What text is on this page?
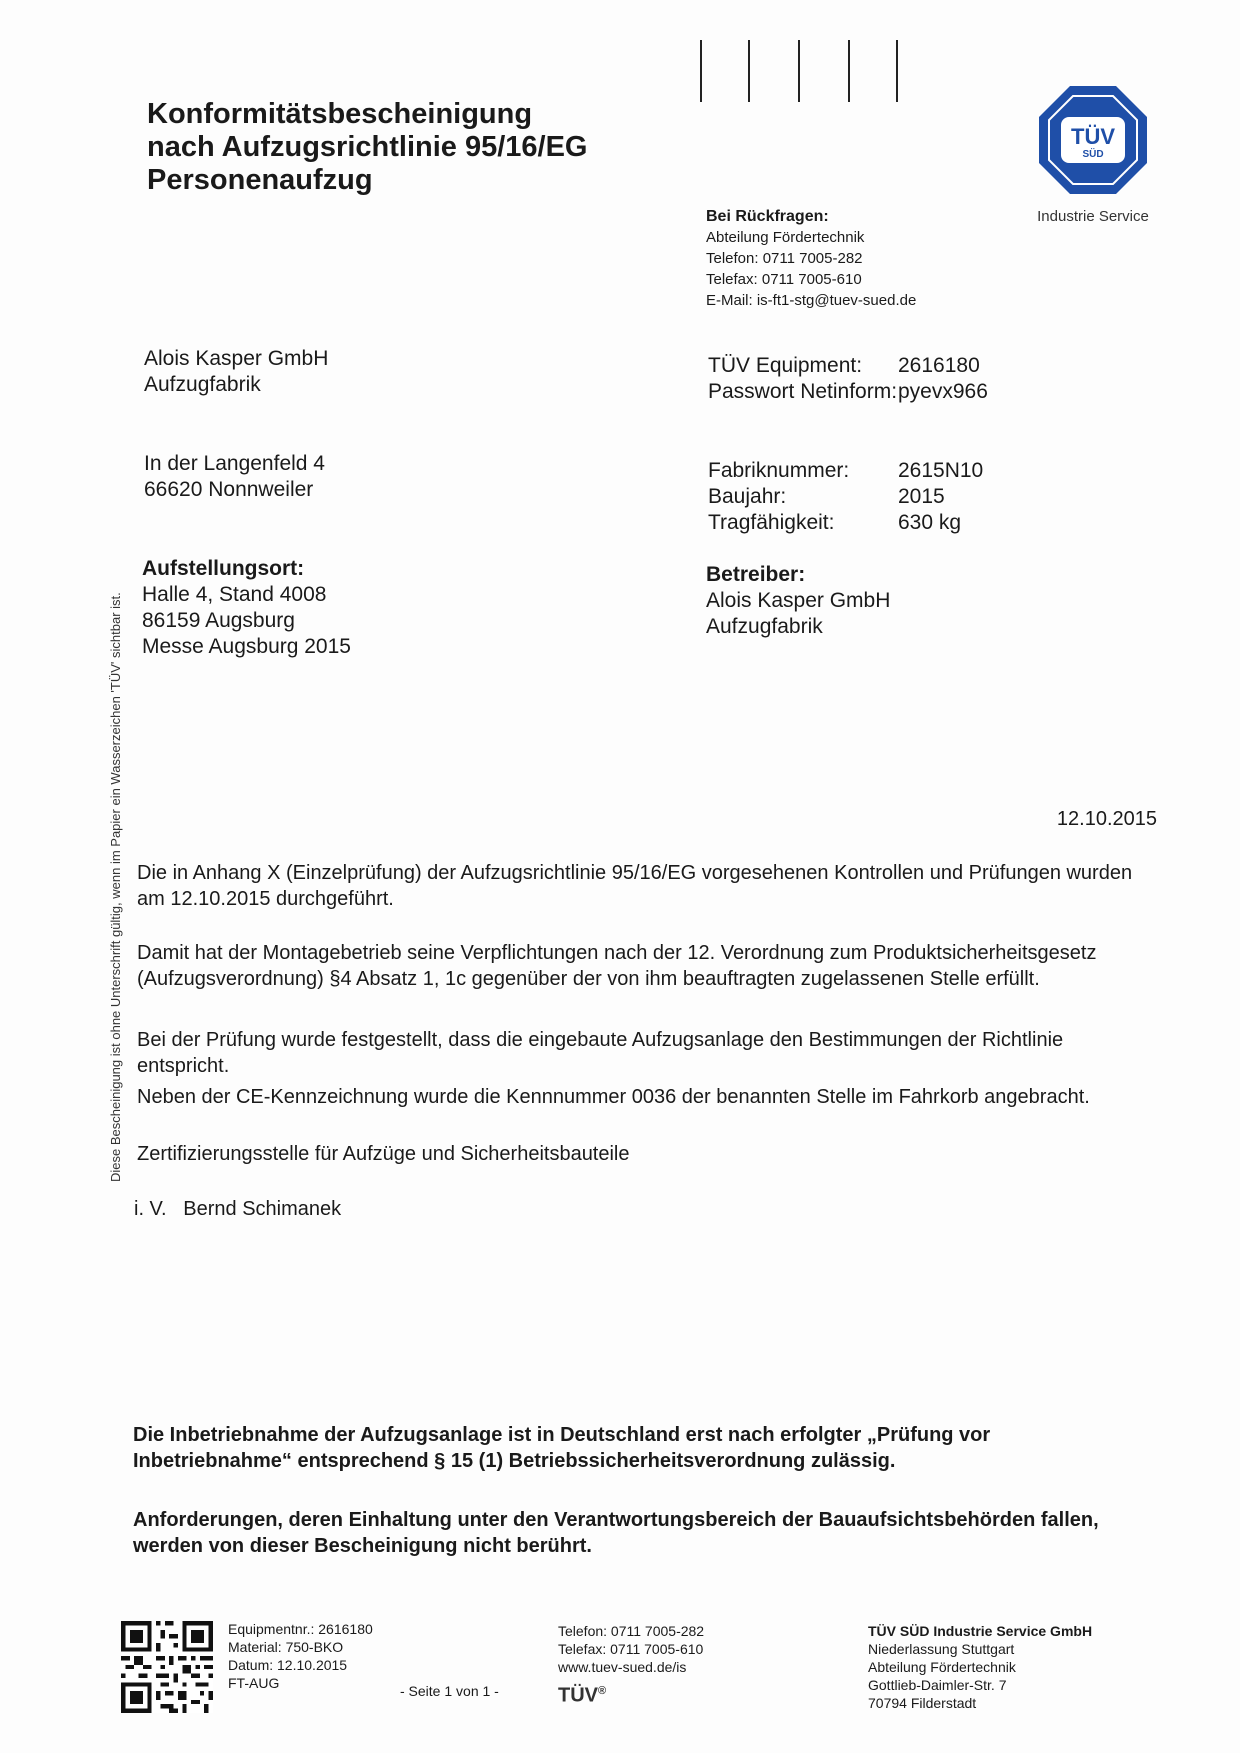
Konformitätsbescheinigung
nach Aufzugsrichtlinie 95/16/EG
Personenaufzug
TÜV
SÜD
Industrie Service
Bei Rückfragen:
Abteilung Fördertechnik
Telefon: 0711 7005-282
Telefax: 0711 7005-610
E-Mail: is-ft1-stg@tuev-sued.de
Alois Kasper GmbH
Aufzugfabrik
In der Langenfeld 4
66620 Nonnweiler
TÜV Equipment:	2616180
Passwort Netinform: pyevx966
Fabriknummer:	2615N10
Baujahr:	2015
Tragfähigkeit:	630 kg
Aufstellungsort:
Halle 4, Stand 4008
86159 Augsburg
Messe Augsburg 2015
Betreiber:
Alois Kasper GmbH
Aufzugfabrik
12.10.2015
Die in Anhang X (Einzelprüfung) der Aufzugsrichtlinie 95/16/EG vorgesehenen Kontrollen und Prüfungen wurden am 12.10.2015 durchgeführt.
Damit hat der Montagebetrieb seine Verpflichtungen nach der 12. Verordnung zum Produktsicherheitsgesetz (Aufzugsverordnung) §4 Absatz 1, 1c gegenüber der von ihm beauftragten zugelassenen Stelle erfüllt.
Bei der Prüfung wurde festgestellt, dass die eingebaute Aufzugsanlage den Bestimmungen der Richtlinie entspricht.
Neben der CE-Kennzeichnung wurde die Kennnummer 0036 der benannten Stelle im Fahrkorb angebracht.
Zertifizierungsstelle für Aufzüge und Sicherheitsbauteile
i. V.   Bernd Schimanek
Die Inbetriebnahme der Aufzugsanlage ist in Deutschland erst nach erfolgter „Prüfung vor Inbetriebnahme“ entsprechend § 15 (1) Betriebssicherheitsverordnung zulässig.
Anforderungen, deren Einhaltung unter den Verantwortungsbereich der Bauaufsichtsbehörden fallen, werden von dieser Bescheinigung nicht berührt.
Diese Bescheinigung ist ohne Unterschrift gültig, wenn im Papier ein Wasserzeichen 'TÜV' sichtbar ist.
Equipmentnr.: 2616180
Material: 750-BKO
Datum: 12.10.2015
FT-AUG	- Seite 1 von 1 -
Telefon: 0711 7005-282
Telefax: 0711 7005-610
www.tuev-sued.de/is
TÜV®
TÜV SÜD Industrie Service GmbH
Niederlassung Stuttgart
Abteilung Fördertechnik
Gottlieb-Daimler-Str. 7
70794 Filderstadt
